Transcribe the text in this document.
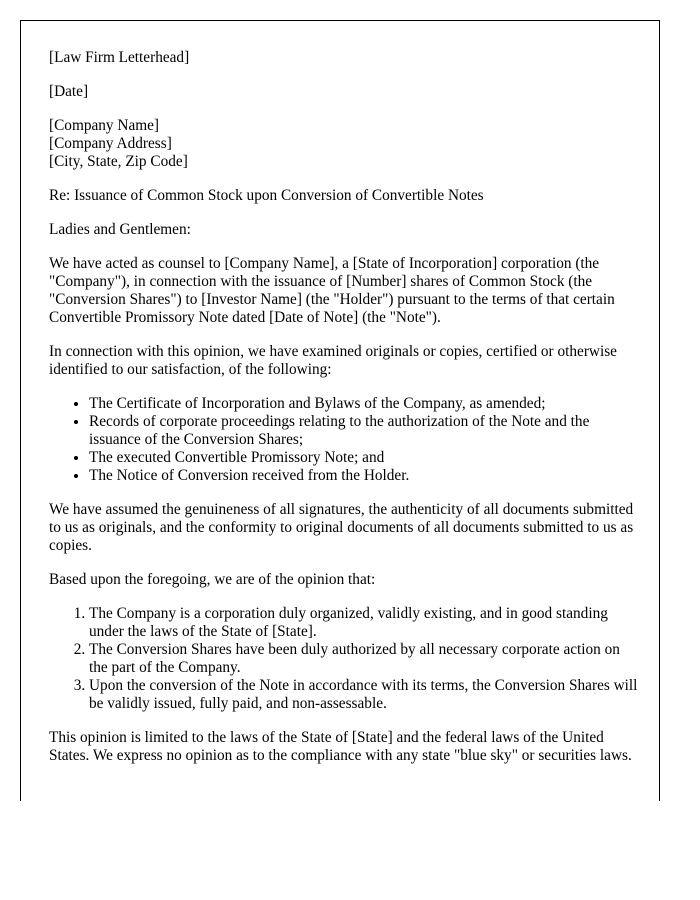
[Law Firm Letterhead]

[Date]

[Company Name]

[Company Address]

[City, State, Zip Code]

Re: Issuance of Common Stock upon Conversion of Convertible Notes

Ladies and Gentlemen:

We have acted as counsel to [Company Name], a [State of Incorporation] corporation (the "Company"), in connection with the issuance of [Number] shares of Common Stock (the "Conversion Shares") to [Investor Name] (the "Holder") pursuant to the terms of that certain Convertible Promissory Note dated [Date of Note] (the "Note").

In connection with this opinion, we have examined originals or copies, certified or otherwise identified to our satisfaction, of the following:

• The Certificate of Incorporation and Bylaws of the Company, as amended;
• Records of corporate proceedings relating to the authorization of the Note and the issuance of the Conversion Shares;
• The executed Convertible Promissory Note; and
• The Notice of Conversion received from the Holder.

We have assumed the genuineness of all signatures, the authenticity of all documents submitted to us as originals, and the conformity to original documents of all documents submitted to us as copies.

Based upon the foregoing, we are of the opinion that:

1. The Company is a corporation duly organized, validly existing, and in good standing under the laws of the State of [State].
2. The Conversion Shares have been duly authorized by all necessary corporate action on the part of the Company.
3. Upon the conversion of the Note in accordance with its terms, the Conversion Shares will be validly issued, fully paid, and non-assessable.

This opinion is limited to the laws of the State of [State] and the federal laws of the United States. We express no opinion as to the compliance with any state "blue sky" or securities laws.
